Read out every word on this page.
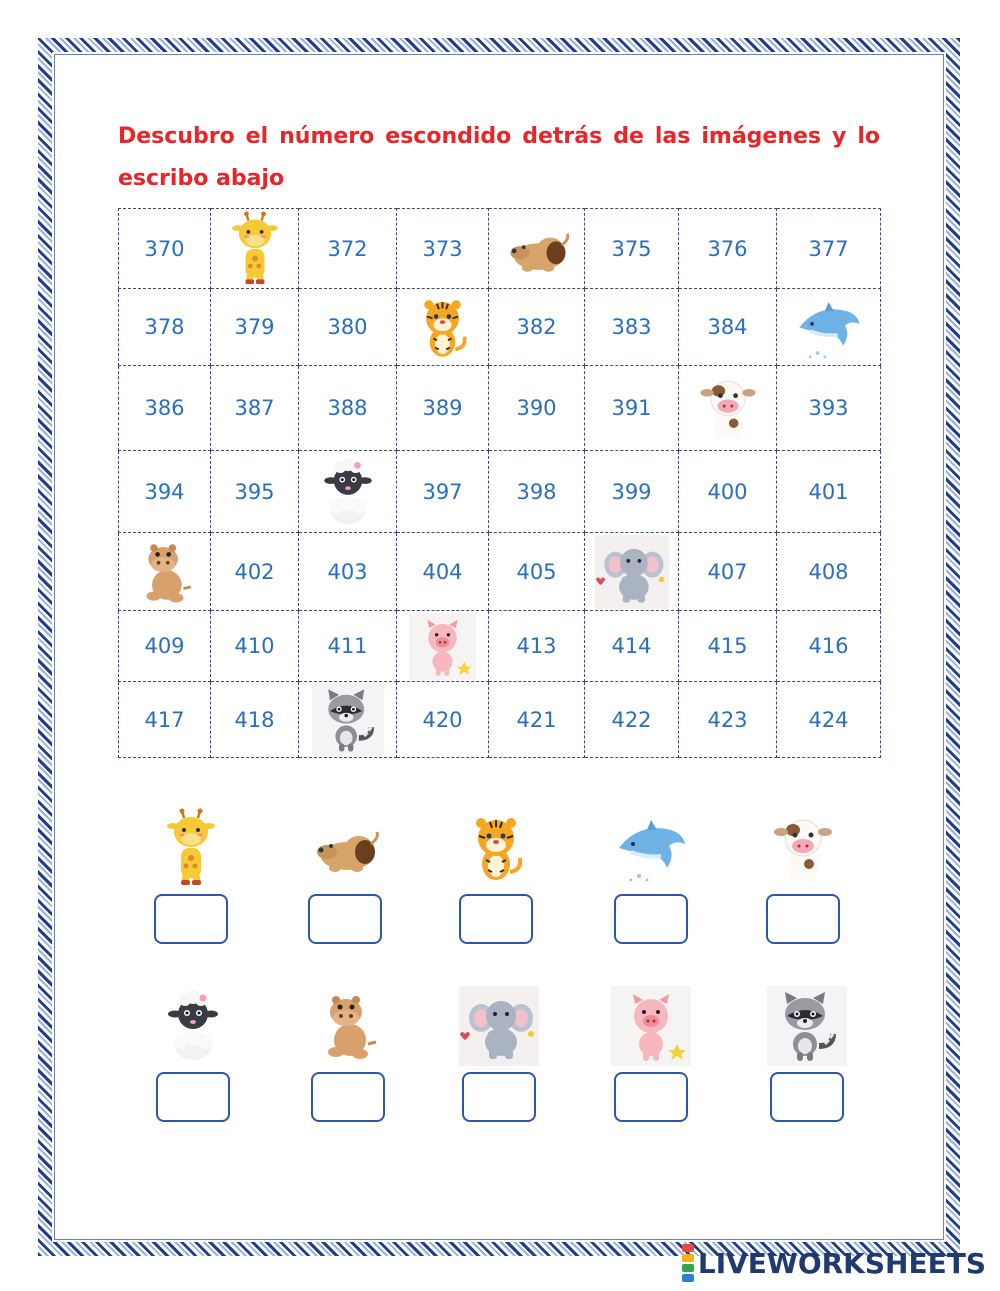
Descubro el número escondido detrás de las imágenes y lo escribo abajo

370		372	373		375	376	377
378	379	380		382	383	384	

386	387	388	389	390	391		393
394	395		397	398	399	400	401

	402	403	404	405		407	408
409	410	411		413	414	415	416
417	418		420	421	422	423	424
LIVEWORKSHEETS
